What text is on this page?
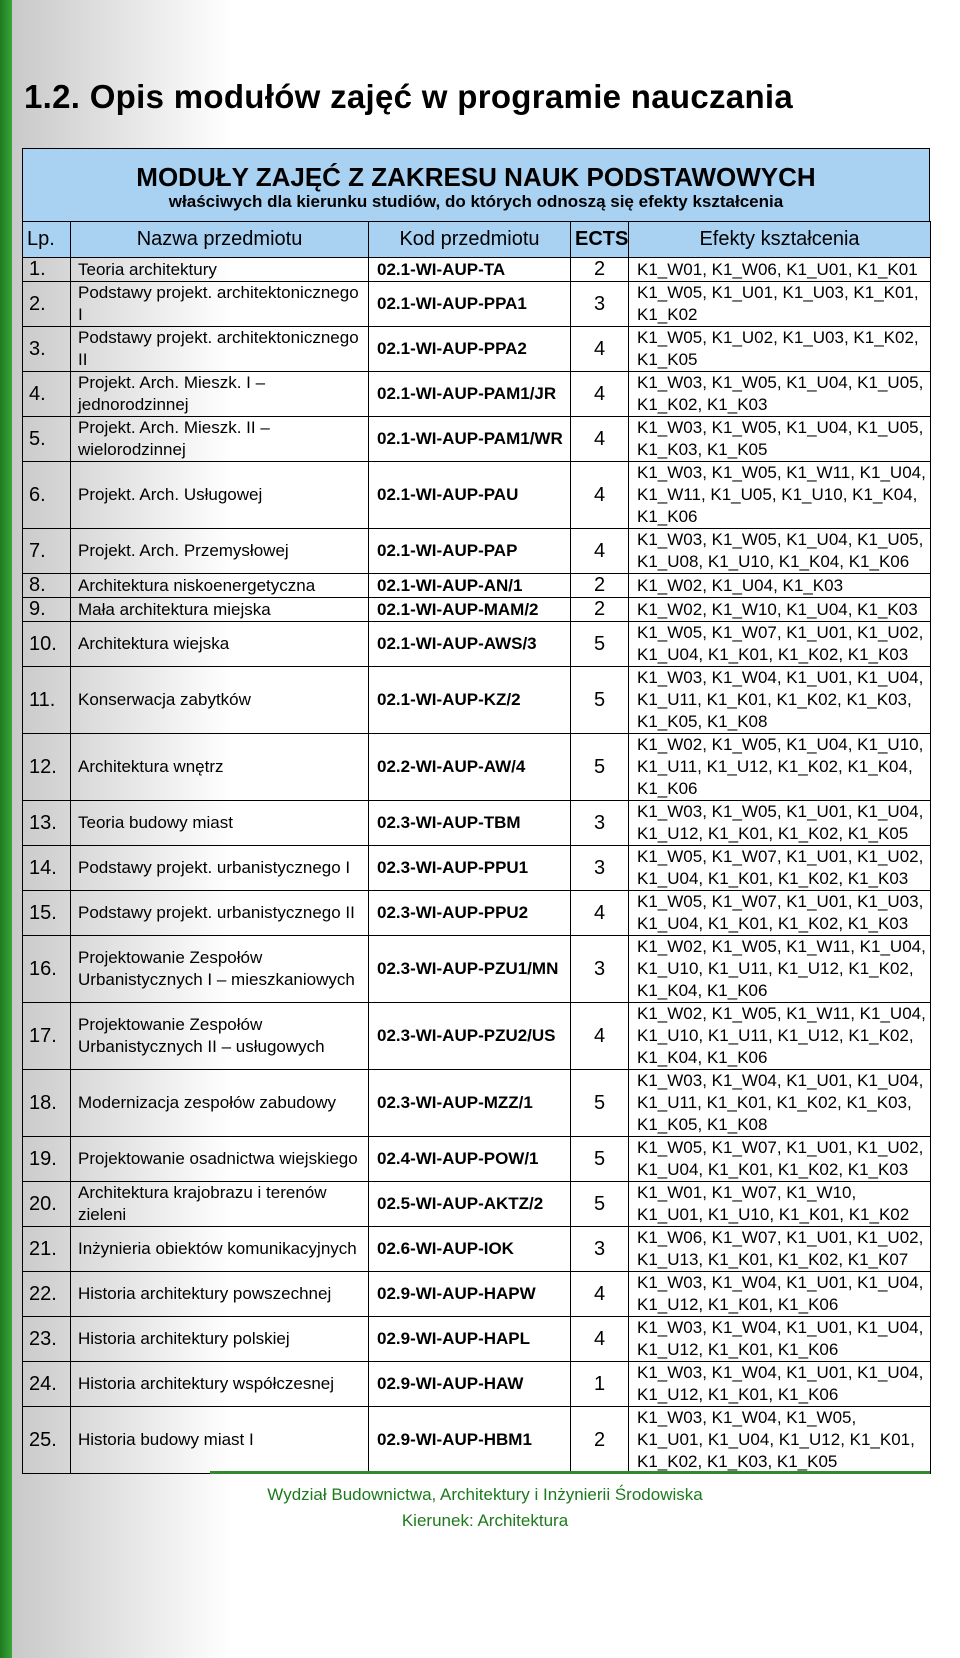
1.2. Opis modułów zajęć w programie nauczania
MODUŁY ZAJĘĆ Z ZAKRESU NAUK PODSTAWOWYCH
właściwych dla kierunku studiów, do których odnoszą się efekty kształcenia
Lp.	Nazwa przedmiotu	Kod przedmiotu	ECTS	Efekty kształcenia
1.	Teoria architektury	02.1-WI-AUP-TA	2	K1_W01, K1_W06, K1_U01, K1_K01
2.	Podstawy projekt. architektonicznego I	02.1-WI-AUP-PPA1	3	K1_W05, K1_U01, K1_U03, K1_K01, K1_K02
3.	Podstawy projekt. architektonicznego II	02.1-WI-AUP-PPA2	4	K1_W05, K1_U02, K1_U03, K1_K02, K1_K05
4.	Projekt. Arch. Mieszk. I – jednorodzinnej	02.1-WI-AUP-PAM1/JR	4	K1_W03, K1_W05, K1_U04, K1_U05, K1_K02, K1_K03
5.	Projekt. Arch. Mieszk. II – wielorodzinnej	02.1-WI-AUP-PAM1/WR	4	K1_W03, K1_W05, K1_U04, K1_U05, K1_K03, K1_K05
6.	Projekt. Arch. Usługowej	02.1-WI-AUP-PAU	4	K1_W03, K1_W05, K1_W11, K1_U04, K1_W11, K1_U05, K1_U10, K1_K04, K1_K06
7.	Projekt. Arch. Przemysłowej	02.1-WI-AUP-PAP	4	K1_W03, K1_W05, K1_U04, K1_U05, K1_U08, K1_U10, K1_K04, K1_K06
8.	Architektura niskoenergetyczna	02.1-WI-AUP-AN/1	2	K1_W02, K1_U04, K1_K03
9.	Mała architektura miejska	02.1-WI-AUP-MAM/2	2	K1_W02, K1_W10, K1_U04, K1_K03
10.	Architektura wiejska	02.1-WI-AUP-AWS/3	5	K1_W05, K1_W07, K1_U01, K1_U02, K1_U04, K1_K01, K1_K02, K1_K03
11.	Konserwacja zabytków	02.1-WI-AUP-KZ/2	5	K1_W03, K1_W04, K1_U01, K1_U04, K1_U11, K1_K01, K1_K02, K1_K03, K1_K05, K1_K08
12.	Architektura wnętrz	02.2-WI-AUP-AW/4	5	K1_W02, K1_W05, K1_U04, K1_U10, K1_U11, K1_U12, K1_K02, K1_K04, K1_K06
13.	Teoria budowy miast	02.3-WI-AUP-TBM	3	K1_W03, K1_W05, K1_U01, K1_U04, K1_U12, K1_K01, K1_K02, K1_K05
14.	Podstawy projekt. urbanistycznego I	02.3-WI-AUP-PPU1	3	K1_W05, K1_W07, K1_U01, K1_U02, K1_U04, K1_K01, K1_K02, K1_K03
15.	Podstawy projekt. urbanistycznego II	02.3-WI-AUP-PPU2	4	K1_W05, K1_W07, K1_U01, K1_U03, K1_U04, K1_K01, K1_K02, K1_K03
16.	Projektowanie Zespołów Urbanistycznych I – mieszkaniowych	02.3-WI-AUP-PZU1/MN	3	K1_W02, K1_W05, K1_W11, K1_U04, K1_U10, K1_U11, K1_U12, K1_K02, K1_K04, K1_K06
17.	Projektowanie Zespołów Urbanistycznych II – usługowych	02.3-WI-AUP-PZU2/US	4	K1_W02, K1_W05, K1_W11, K1_U04, K1_U10, K1_U11, K1_U12, K1_K02, K1_K04, K1_K06
18.	Modernizacja zespołów zabudowy	02.3-WI-AUP-MZZ/1	5	K1_W03, K1_W04, K1_U01, K1_U04, K1_U11, K1_K01, K1_K02, K1_K03, K1_K05, K1_K08
19.	Projektowanie osadnictwa wiejskiego	02.4-WI-AUP-POW/1	5	K1_W05, K1_W07, K1_U01, K1_U02, K1_U04, K1_K01, K1_K02, K1_K03
20.	Architektura krajobrazu i terenów zieleni	02.5-WI-AUP-AKTZ/2	5	K1_W01, K1_W07, K1_W10, K1_U01, K1_U10, K1_K01, K1_K02
21.	Inżynieria obiektów komunikacyjnych	02.6-WI-AUP-IOK	3	K1_W06, K1_W07, K1_U01, K1_U02, K1_U13, K1_K01, K1_K02, K1_K07
22.	Historia architektury powszechnej	02.9-WI-AUP-HAPW	4	K1_W03, K1_W04, K1_U01, K1_U04, K1_U12, K1_K01, K1_K06
23.	Historia architektury polskiej	02.9-WI-AUP-HAPL	4	K1_W03, K1_W04, K1_U01, K1_U04, K1_U12, K1_K01, K1_K06
24.	Historia architektury współczesnej	02.9-WI-AUP-HAW	1	K1_W03, K1_W04, K1_U01, K1_U04, K1_U12, K1_K01, K1_K06
25.	Historia budowy miast I	02.9-WI-AUP-HBM1	2	K1_W03, K1_W04, K1_W05, K1_U01, K1_U04, K1_U12, K1_K01, K1_K02, K1_K03, K1_K05
Wydział Budownictwa, Architektury i Inżynierii Środowiska
Kierunek: Architektura
